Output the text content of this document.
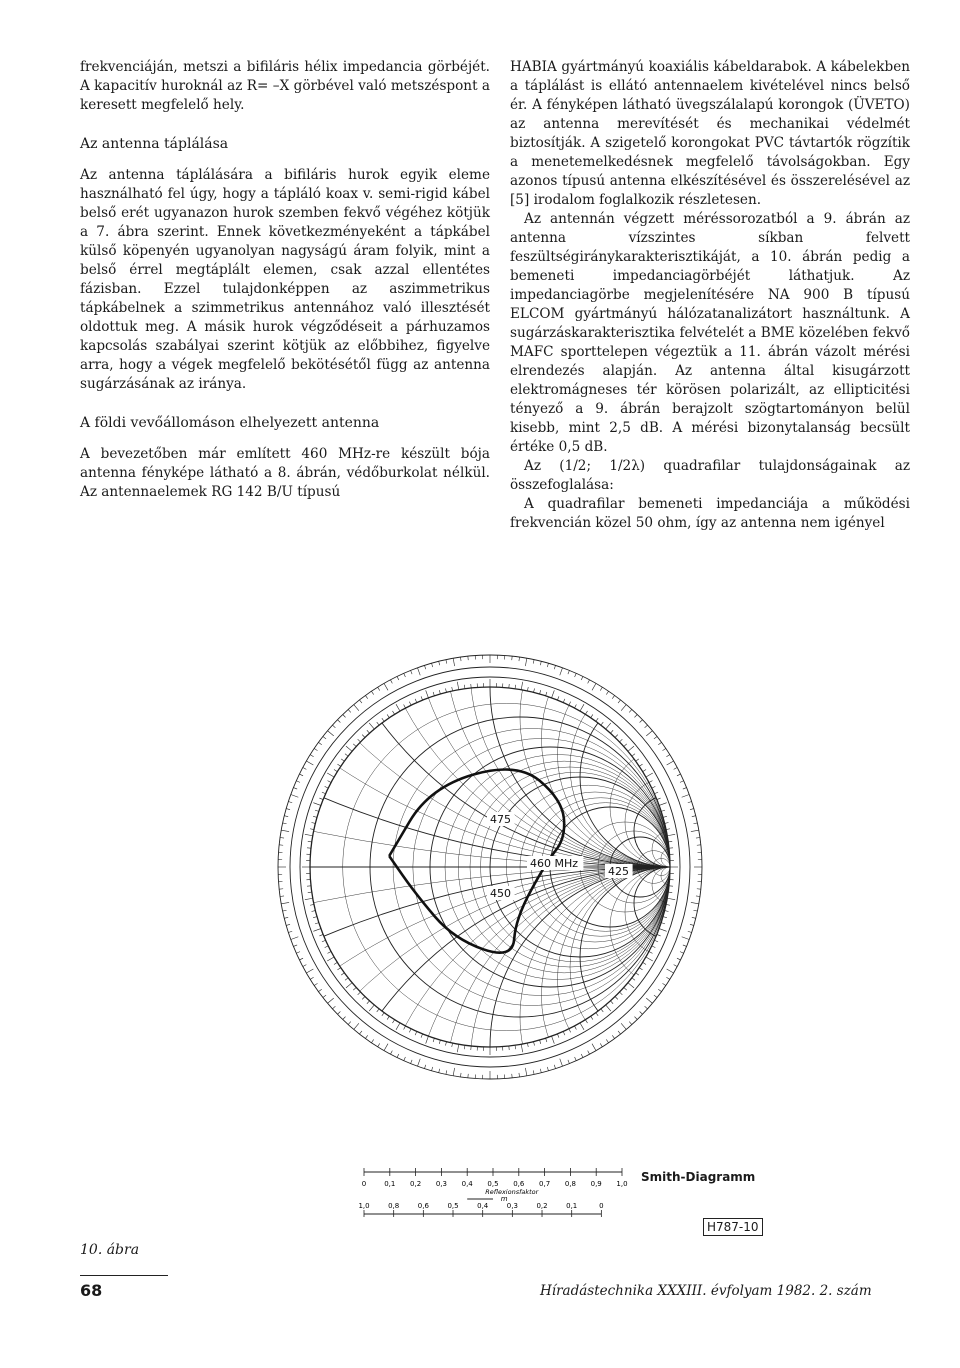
frekvenciáján, metszi a bifiláris hélix impedancia görbéjét. A kapacitív huroknál az R= –X görbével való metszéspont a keresett megfelelő hely.

Az antenna táplálása

Az antenna táplálására a bifiláris hurok egyik eleme használható fel úgy, hogy a tápláló koax v. semi-rigid kábel belső erét ugyanazon hurok szemben fekvő végéhez kötjük a 7. ábra szerint. Ennek következményeként a tápkábel külső köpenyén ugyanolyan nagyságú áram folyik, mint a belső érrel megtáplált elemen, csak azzal ellentétes fázisban. Ezzel tulajdonképpen az aszimmetrikus tápkábelnek a szimmetrikus antennához való illesztését oldottuk meg. A másik hurok végződéseit a párhuzamos kapcsolás szabályai szerint kötjük az előbbihez, figyelve arra, hogy a végek megfelelő bekötésétől függ az antenna sugárzásának az iránya.

A földi vevőállomáson elhelyezett antenna

A bevezetőben már említett 460 MHz-re készült bója antenna fényképe látható a 8. ábrán, védőburkolat nélkül. Az antennaelemek RG 142 B/U típusú

HABIA gyártmányú koaxiális kábeldarabok. A kábelekben a táplálást is ellátó antennaelem kivételével nincs belső ér. A fényképen látható üvegszálalapú korongok (ÜVETO) az antenna merevítését és mechanikai védelmét biztosítják. A szigetelő korongokat PVC távtartók rögzítik a menetemelkedésnek megfelelő távolságokban. Egy azonos típusú antenna elkészítésével és összerelésével az [5] irodalom foglalkozik részletesen.

Az antennán végzett méréssorozatból a 9. ábrán az antenna vízszintes síkban felvett feszültségiránykarakterisztikáját, a 10. ábrán pedig a bemeneti impedanciagörbéjét láthatjuk. Az impedanciagörbe megjelenítésére NA 900 B típusú ELCOM gyártmányú hálózatanalizátort használtunk. A sugárzáskarakterisztika felvételét a BME közelében fekvő MAFC sporttelepen végeztük a 11. ábrán vázolt mérési elrendezés alapján. Az antenna által kisugárzott elektromágneses tér körösen polarizált, az ellipticitési tényező a 9. ábrán berajzolt szögtartományon belül kisebb, mint 2,5 dB. A mérési bizonytalanság becsült értéke 0,5 dB.

Az (1/2; 1/2λ) quadrafilar tulajdonságainak az összefoglalása:

A quadrafilar bemeneti impedanciája a működési frekvencián közel 50 ohm, így az antenna nem igényel

460 MHz
475
450
425
0	0,1 0,2 0,3 0,4 0,5 0,6 0,7 0,8 0,9 1,0
Reflexionsfaktor
m
1,0	0,8	0,6	0,5	0,4	0,3	0,2	0,1	0
Smith-Diagramm
H787-10
10. ábra
68	Híradástechnika XXXIII. évfolyam 1982. 2. szám
